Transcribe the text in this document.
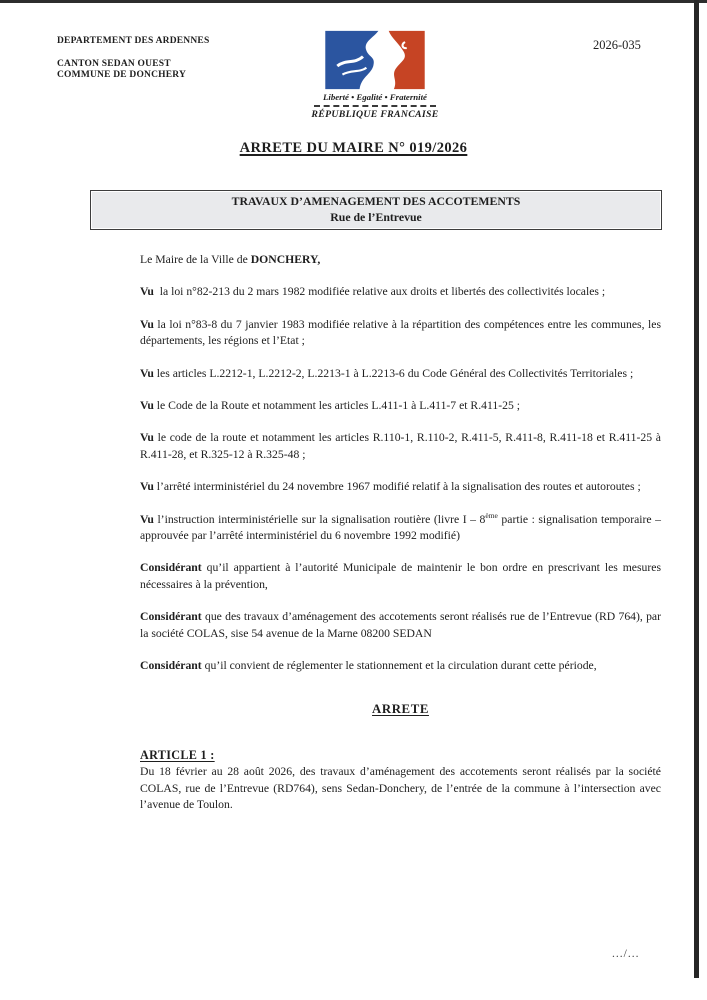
DEPARTEMENT DES ARDENNES
CANTON SEDAN OUEST
COMMUNE DE DONCHERY
Liberté • Egalité • Fraternité
RÉPUBLIQUE FRANCAISE
2026-035
ARRETE DU MAIRE N° 019/2026
TRAVAUX D’AMENAGEMENT DES ACCOTEMENTS
Rue de l’Entrevue

Le Maire de la Ville de DONCHERY,

Vu la loi n°82-213 du 2 mars 1982 modifiée relative aux droits et libertés des collectivités locales ;

Vu la loi n°83-8 du 7 janvier 1983 modifiée relative à la répartition des compétences entre les communes, les départements, les régions et l’Etat ;

Vu les articles L.2212-1, L.2212-2, L.2213-1 à L.2213-6 du Code Général des Collectivités Territoriales ;

Vu le Code de la Route et notamment les articles L.411-1 à L.411-7 et R.411-25 ;

Vu le code de la route et notamment les articles R.110-1, R.110-2, R.411-5, R.411-8, R.411-18 et R.411-25 à R.411-28, et R.325-12 à R.325-48 ;

Vu l’arrêté interministériel du 24 novembre 1967 modifié relatif à la signalisation des routes et autoroutes ;

Vu l’instruction interministérielle sur la signalisation routière (livre I – 8ème partie : signalisation temporaire – approuvée par l’arrêté interministériel du 6 novembre 1992 modifié)

Considérant qu’il appartient à l’autorité Municipale de maintenir le bon ordre en prescrivant les mesures nécessaires à la prévention,

Considérant que des travaux d’aménagement des accotements seront réalisés rue de l’Entrevue (RD 764), par la société COLAS, sise 54 avenue de la Marne 08200 SEDAN

Considérant qu’il convient de réglementer le stationnement et la circulation durant cette période,

ARRETE

ARTICLE 1 :

Du 18 février au 28 août 2026, des travaux d’aménagement des accotements seront réalisés par la société COLAS, rue de l’Entrevue (RD764), sens Sedan-Donchery, de l’entrée de la commune à l’intersection avec l’avenue de Toulon.

.../...
